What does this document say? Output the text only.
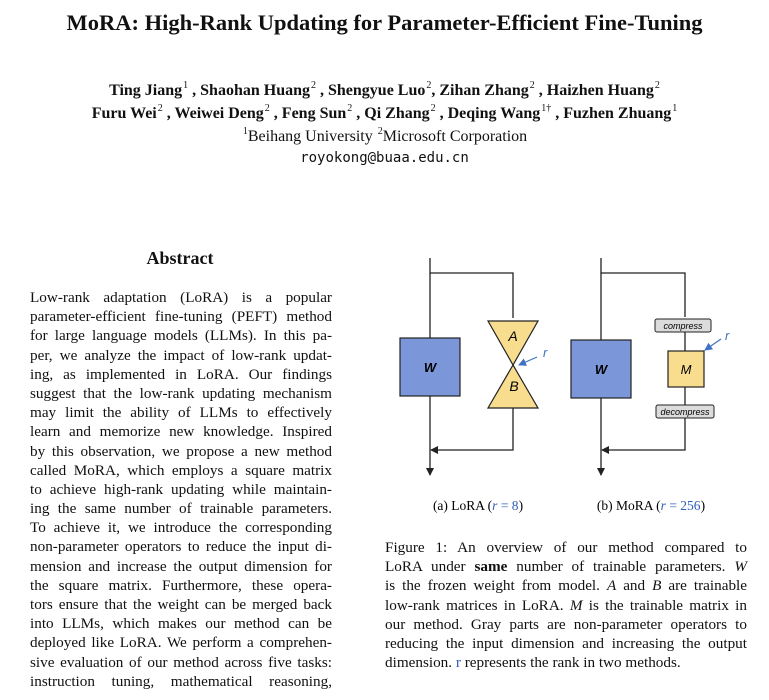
MoRA: High-Rank Updating for Parameter-Efficient Fine-Tuning
Ting Jiang$^1$ , Shaohan Huang$^2$ , Shengyue Luo$^2$, Zihan Zhang$^2$ , Haizhen Huang$^2$
Furu Wei$^2$ , Weiwei Deng$^2$ , Feng Sun$^2$ , Qi Zhang$^2$ , Deqing Wang$^{1\dagger}$ , Fuzhen Zhuang$^1$
$^1$Beihang University $^2$Microsoft Corporation
royokong@buaa.edu.cn
Abstract
Low-rank adaptation (LoRA) is a popular
parameter-efficient fine-tuning (PEFT) method
for large language models (LLMs). In this pa-
per, we analyze the impact of low-rank updat-
ing, as implemented in LoRA. Our findings
suggest that the low-rank updating mechanism
may limit the ability of LLMs to effectively
learn and memorize new knowledge. Inspired
by this observation, we propose a new method
called MoRA, which employs a square matrix
to achieve high-rank updating while maintain-
ing the same number of trainable parameters.
To achieve it, we introduce the corresponding
non-parameter operators to reduce the input di-
mension and increase the output dimension for
the square matrix. Furthermore, these opera-
tors ensure that the weight can be merged back
into LLMs, which makes our method can be
deployed like LoRA. We perform a comprehen-
sive evaluation of our method across five tasks:
instruction tuning, mathematical reasoning,
W
A
B
r
(a) LoRA (r = 8)
W
compress
M
r
decompress
(b) MoRA (r = 256)
Figure 1: An overview of our method compared to
LoRA under same number of trainable parameters. W
is the frozen weight from model. A and B are trainable
low-rank matrices in LoRA. M is the trainable matrix in
our method. Gray parts are non-parameter operators to
reducing the input dimension and increasing the output
dimension. r represents the rank in two methods.
